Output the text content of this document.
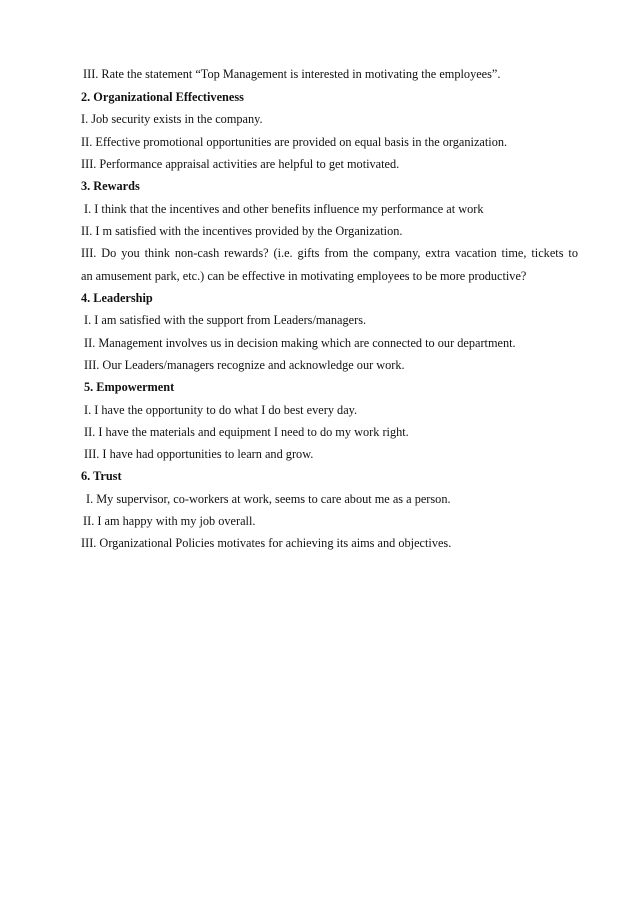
III. Rate the statement “Top Management is interested in motivating the employees”.

2. Organizational Effectiveness

I. Job security exists in the company.

II. Effective promotional opportunities are provided on equal basis in the organization.

III. Performance appraisal activities are helpful to get motivated.

3. Rewards

I. I think that the incentives and other benefits influence my performance at work

II. I m satisfied with the incentives provided by the Organization.

III. Do you think non-cash rewards? (i.e. gifts from the company, extra vacation time, tickets to

an amusement park, etc.) can be effective in motivating employees to be more productive?

4. Leadership

I. I am satisfied with the support from Leaders/managers.

II. Management involves us in decision making which are connected to our department.

III. Our Leaders/managers recognize and acknowledge our work.

5. Empowerment

I. I have the opportunity to do what I do best every day.

II. I have the materials and equipment I need to do my work right.

III. I have had opportunities to learn and grow.

6. Trust

I. My supervisor, co-workers at work, seems to care about me as a person.

II. I am happy with my job overall.

III. Organizational Policies motivates for achieving its aims and objectives.
